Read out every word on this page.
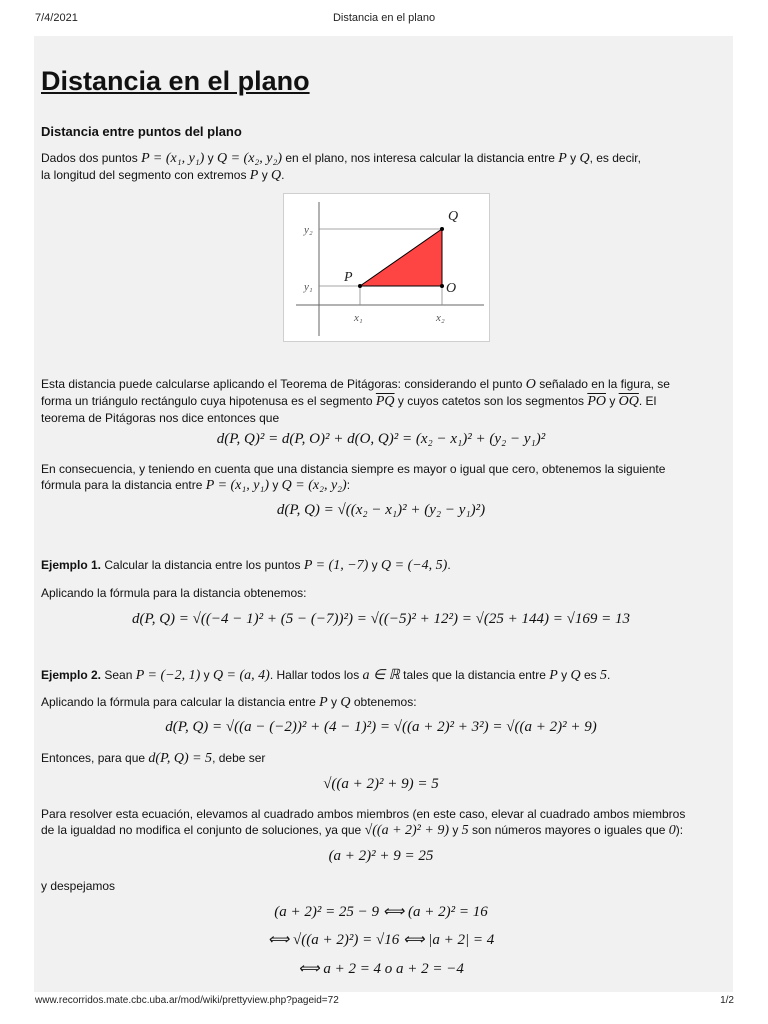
7/4/2021	Distancia en el plano
Distancia en el plano
Distancia entre puntos del plano
Dados dos puntos P = (x₁, y₁) y Q = (x₂, y₂) en el plano, nos interesa calcular la distancia entre P y Q, es decir,
la longitud del segmento con extremos P y Q.
Q
P
O
y₂
y₁
x₁	x₂
Esta distancia puede calcularse aplicando el Teorema de Pitágoras: considerando el punto O señalado en la figura, se
forma un triángulo rectángulo cuya hipotenusa es el segmento $\overline{PQ}$ y cuyos catetos son los segmentos $\overline{PO}$ y $\overline{OQ}$. El
teorema de Pitágoras nos dice entonces que
d(P, Q)² = d(P, O)² + d(O, Q)² = (x₂ − x₁)² + (y₂ − y₁)²
En consecuencia, y teniendo en cuenta que una distancia siempre es mayor o igual que cero, obtenemos la siguiente
fórmula para la distancia entre P = (x₁, y₁) y Q = (x₂, y₂):
d(P, Q) = √((x₂ − x₁)² + (y₂ − y₁)²)
Ejemplo 1. Calcular la distancia entre los puntos P = (1, −7) y Q = (−4, 5).
Aplicando la fórmula para la distancia obtenemos:
d(P, Q) = √((−4 − 1)² + (5 − (−7))²) = √((−5)² + 12²) = √(25 + 144) = √169 = 13
Ejemplo 2. Sean P = (−2, 1) y Q = (a, 4). Hallar todos los a ∈ ℝ tales que la distancia entre P y Q es 5.
Aplicando la fórmula para calcular la distancia entre P y Q obtenemos:
d(P, Q) = √((a − (−2))² + (4 − 1)²) = √((a + 2)² + 3²) = √((a + 2)² + 9)
Entonces, para que d(P, Q) = 5, debe ser
√((a + 2)² + 9) = 5
Para resolver esta ecuación, elevamos al cuadrado ambos miembros (en este caso, elevar al cuadrado ambos miembros
de la igualdad no modifica el conjunto de soluciones, ya que √((a + 2)² + 9) y 5 son números mayores o iguales que 0):
(a + 2)² + 9 = 25
y despejamos
(a + 2)² = 25 − 9 ⟺ (a + 2)² = 16
⟺ √((a + 2)²) = √16 ⟺ |a + 2| = 4
⟺ a + 2 = 4 o a + 2 = −4
www.recorridos.mate.cbc.uba.ar/mod/wiki/prettyview.php?pageid=72	1/2
